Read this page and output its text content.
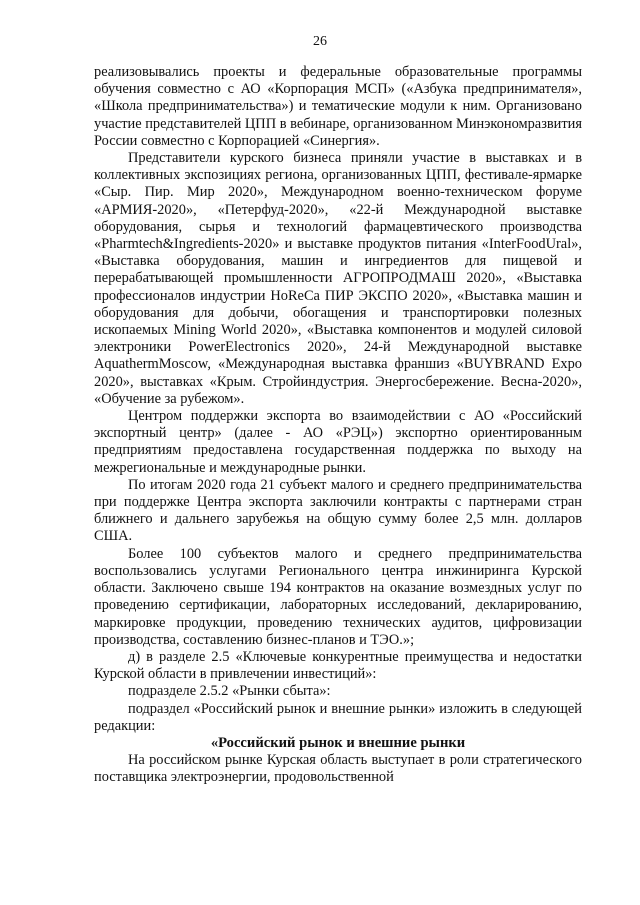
26

реализовывались проекты и федеральные образовательные программы обучения совместно с АО «Корпорация МСП» («Азбука предпринимателя», «Школа предпринимательства») и тематические модули к ним. Организовано участие представителей ЦПП в вебинаре, организованном Минэкономразвития России совместно с Корпорацией «Синергия».

Представители курского бизнеса приняли участие в выставках и в коллективных экспозициях региона, организованных ЦПП, фестивале-ярмарке «Сыр. Пир. Мир 2020», Международном военно-техническом форуме «АРМИЯ-2020», «Петерфуд-2020», «22-й Международной выставке оборудования, сырья и технологий фармацевтического производства «Pharmtech&Ingredients-2020» и выставке продуктов питания «InterFoodUral», «Выставка оборудования, машин и ингредиентов для пищевой и перерабатывающей промышленности АГРОПРОДМАШ 2020», «Выставка профессионалов индустрии HoReCa ПИР ЭКСПО 2020», «Выставка машин и оборудования для добычи, обогащения и транспортировки полезных ископаемых Mining World 2020», «Выставка компонентов и модулей силовой электроники PowerElectronics 2020», 24-й Международной выставке AquathermMoscow, «Международная выставка франшиз «BUYBRAND Expo 2020», выставках «Крым. Стройиндустрия. Энергосбережение. Весна-2020», «Обучение за рубежом».

Центром поддержки экспорта во взаимодействии с АО «Российский экспортный центр» (далее - АО «РЭЦ») экспортно ориентированным предприятиям предоставлена государственная поддержка по выходу на межрегиональные и международные рынки.

По итогам 2020 года 21 субъект малого и среднего предпринимательства при поддержке Центра экспорта заключили контракты с партнерами стран ближнего и дальнего зарубежья на общую сумму более 2,5 млн. долларов США.

Более 100 субъектов малого и среднего предпринимательства воспользовались услугами Регионального центра инжиниринга Курской области. Заключено свыше 194 контрактов на оказание возмездных услуг по проведению сертификации, лабораторных исследований, декларированию, маркировке продукции, проведению технических аудитов, цифровизации производства, составлению бизнес-планов и ТЭО.»;

д) в разделе 2.5 «Ключевые конкурентные преимущества и недостатки Курской области в привлечении инвестиций»:

подразделе 2.5.2 «Рынки сбыта»:

подраздел «Российский рынок и внешние рынки» изложить в следующей редакции:

«Российский рынок и внешние рынки

На российском рынке Курская область выступает в роли стратегического поставщика электроэнергии, продовольственной
